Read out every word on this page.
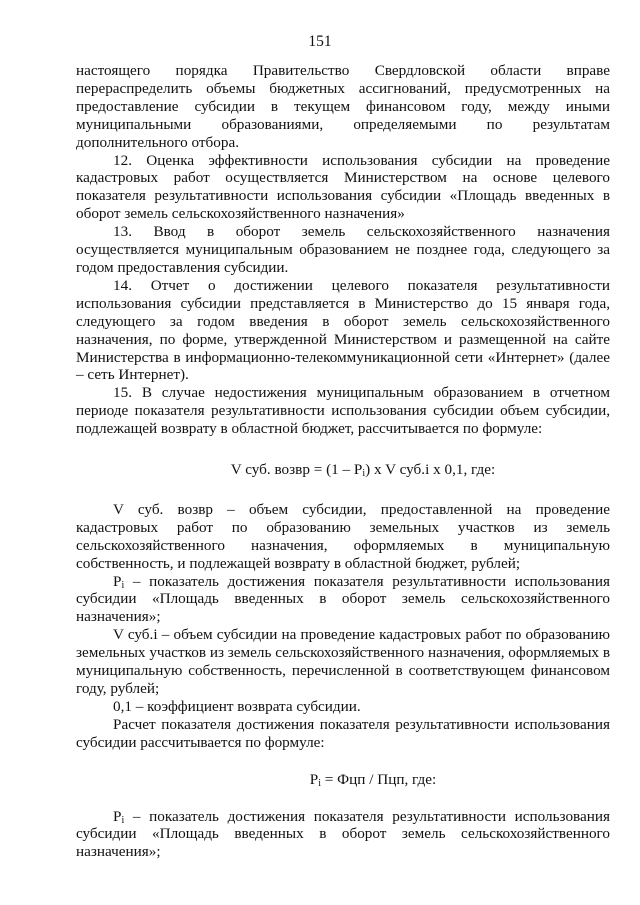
151

настоящего порядка Правительство Свердловской области вправе перераспределить объемы бюджетных ассигнований, предусмотренных на предоставление субсидии в текущем финансовом году, между иными муниципальными образованиями, определяемыми по результатам дополнительного отбора.

12. Оценка эффективности использования субсидии на проведение кадастровых работ осуществляется Министерством на основе целевого показателя результативности использования субсидии «Площадь введенных в оборот земель сельскохозяйственного назначения»

13. Ввод в оборот земель сельскохозяйственного назначения осуществляется муниципальным образованием не позднее года, следующего за годом предоставления субсидии.

14. Отчет о достижении целевого показателя результативности использования субсидии представляется в Министерство до 15 января года, следующего за годом введения в оборот земель сельскохозяйственного назначения, по форме, утвержденной Министерством и размещенной на сайте Министерства в информационно-телекоммуникационной сети «Интернет» (далее – сеть Интернет).

15. В случае недостижения муниципальным образованием в отчетном периоде показателя результативности использования субсидии объем субсидии, подлежащей возврату в областной бюджет, рассчитывается по формуле:

V суб. возвр = $(1 - P_i)$ x V суб.i x 0,1, где:

V суб. возвр – объем субсидии, предоставленной на проведение кадастровых работ по образованию земельных участков из земель сельскохозяйственного назначения, оформляемых в муниципальную собственность, и подлежащей возврату в областной бюджет, рублей;

$P_i$ – показатель достижения показателя результативности использования субсидии «Площадь введенных в оборот земель сельскохозяйственного назначения»;

V суб.i – объем субсидии на проведение кадастровых работ по образованию земельных участков из земель сельскохозяйственного назначения, оформляемых в муниципальную собственность, перечисленной в соответствующем финансовом году, рублей;

0,1 – коэффициент возврата субсидии.

Расчет показателя достижения показателя результативности использования субсидии рассчитывается по формуле:

$P_i$ = Фцп / Пцп, где:

$P_i$ – показатель достижения показателя результативности использования субсидии «Площадь введенных в оборот земель сельскохозяйственного назначения»;
